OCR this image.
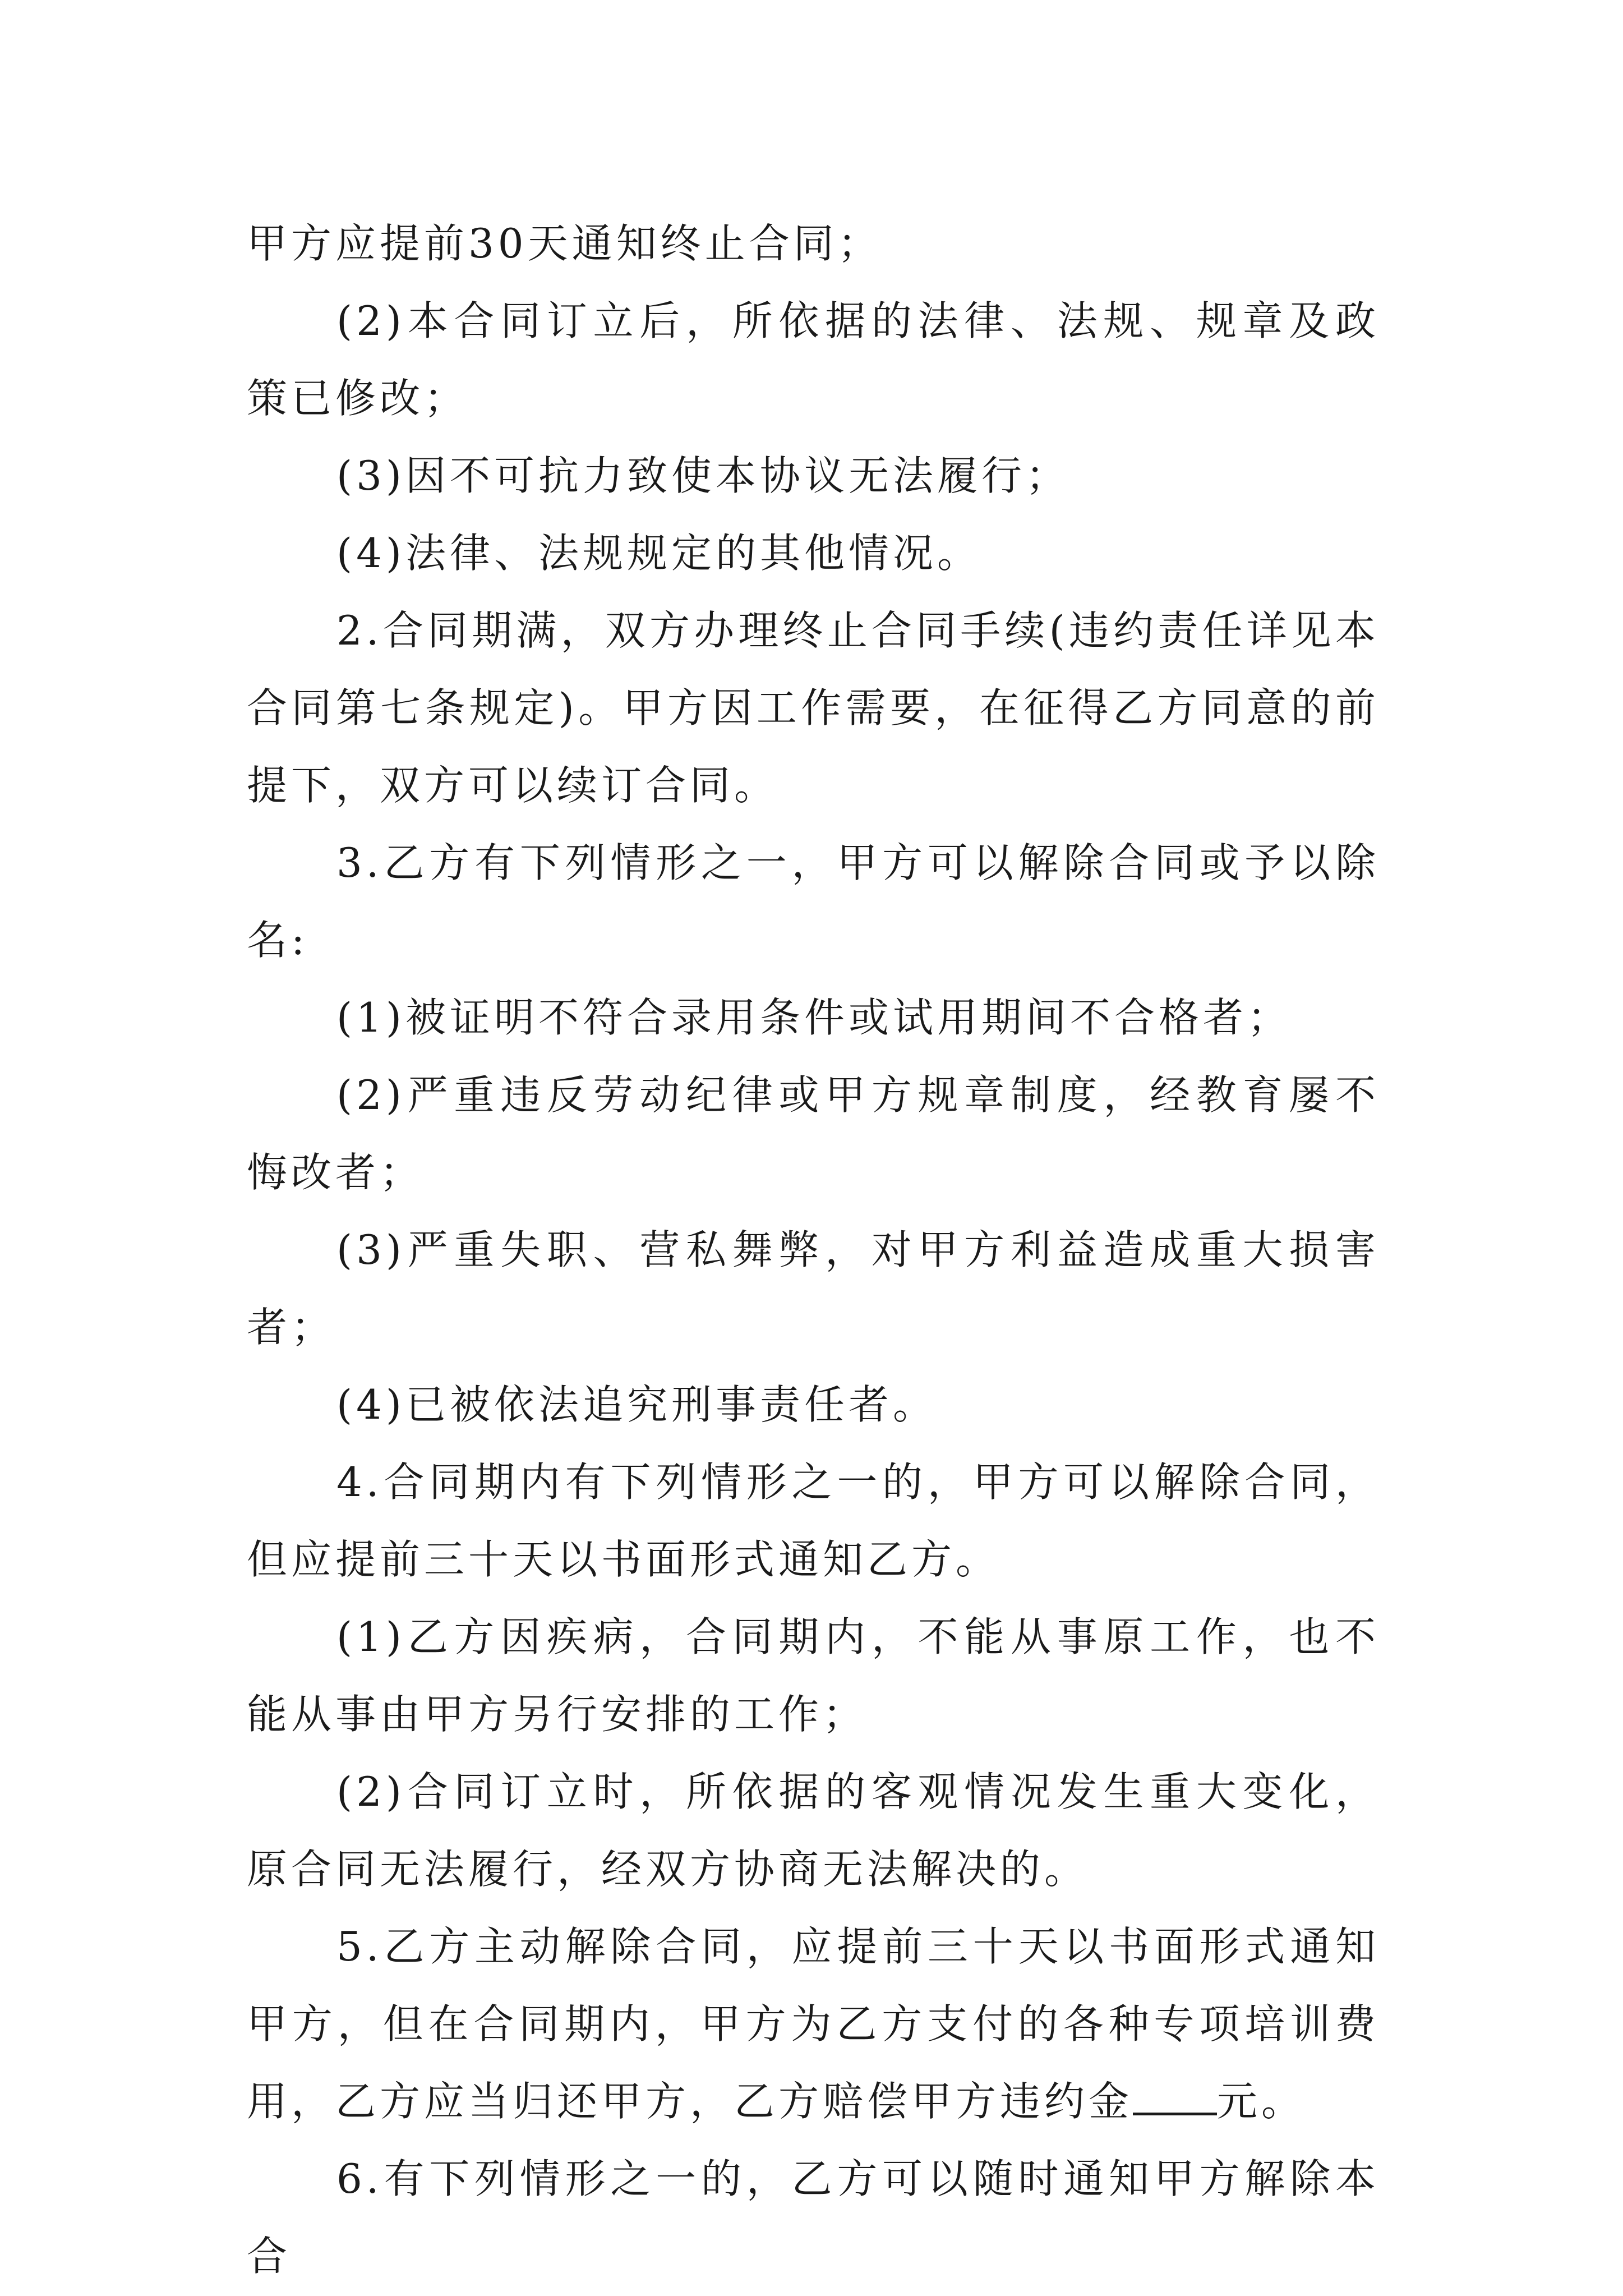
甲方应提前30天通知终止合同；

(2)本合同订立后，所依据的法律、法规、规章及政策已修改；

(3)因不可抗力致使本协议无法履行；

(4)法律、法规规定的其他情况。

2.合同期满，双方办理终止合同手续(违约责任详见本合同第七条规定)。甲方因工作需要，在征得乙方同意的前提下，双方可以续订合同。

3.乙方有下列情形之一，甲方可以解除合同或予以除名:

(1)被证明不符合录用条件或试用期间不合格者；

(2)严重违反劳动纪律或甲方规章制度，经教育屡不悔改者；

(3)严重失职、营私舞弊，对甲方利益造成重大损害者；

(4)已被依法追究刑事责任者。

4.合同期内有下列情形之一的，甲方可以解除合同，但应提前三十天以书面形式通知乙方。

(1)乙方因疾病，合同期内，不能从事原工作，也不能从事由甲方另行安排的工作；

(2)合同订立时，所依据的客观情况发生重大变化，原合同无法履行，经双方协商无法解决的。

5.乙方主动解除合同，应提前三十天以书面形式通知甲方，但在合同期内，甲方为乙方支付的各种专项培训费用，乙方应当归还甲方，乙方赔偿甲方违约金 元。

6.有下列情形之一的，乙方可以随时通知甲方解除本合
